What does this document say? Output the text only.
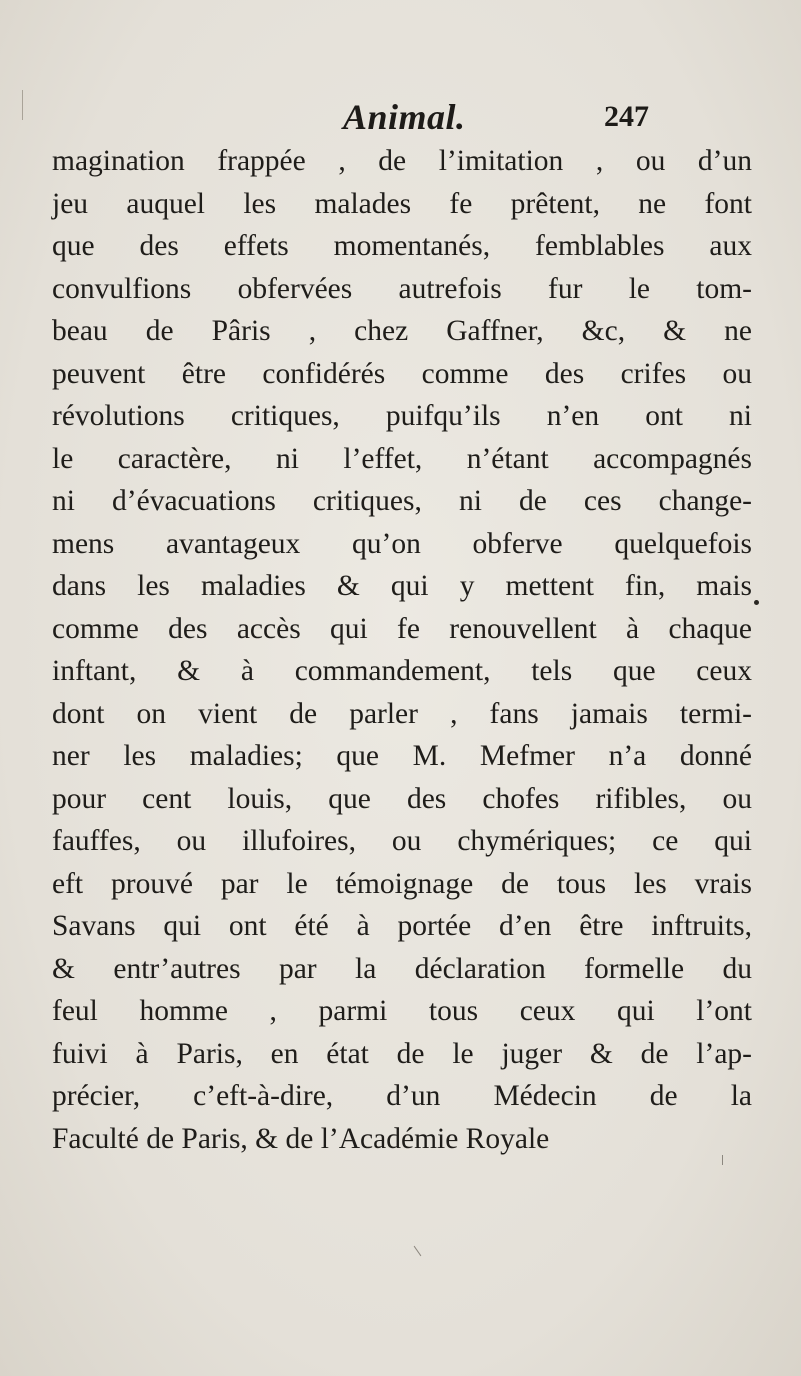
Animal.	247
magination frappée , de l’imitation , ou d’un
jeu auquel les malades fe prêtent, ne font
que des effets momentanés, femblables aux
convulfions obfervées autrefois fur le tom-
beau de Pâris , chez Gaffner, &c, & ne
peuvent être confidérés comme des crifes ou
révolutions critiques, puifqu’ils n’en ont ni
le caractère, ni l’effet, n’étant accompagnés
ni d’évacuations critiques, ni de ces change-
mens avantageux qu’on obferve quelquefois
dans les maladies & qui y mettent fin, mais
comme des accès qui fe renouvellent à chaque
inftant, & à commandement, tels que ceux
dont on vient de parler , fans jamais termi-
ner les maladies; que M. Mefmer n’a donné
pour cent louis, que des chofes rifibles, ou
fauffes, ou illufoires, ou chymériques; ce qui
eft prouvé par le témoignage de tous les vrais
Savans qui ont été à portée d’en être inftruits,
& entr’autres par la déclaration formelle du
feul homme , parmi tous ceux qui l’ont
fuivi à Paris, en état de le juger & de l’ap-
précier, c’eft-à-dire, d’un Médecin de la
Faculté de Paris, & de l’Académie Royale
